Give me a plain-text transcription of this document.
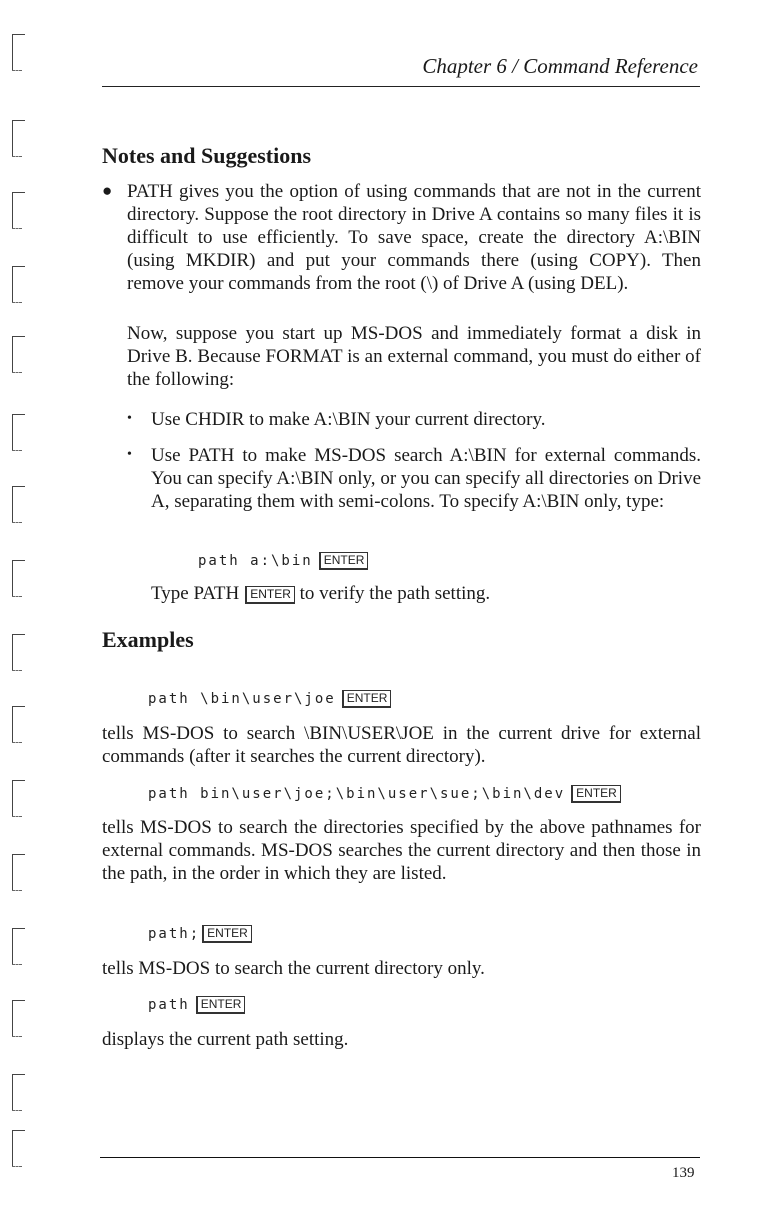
Chapter 6 / Command Reference
Notes and Suggestions
● PATH gives you the option of using commands that are not in the current directory. Suppose the root directory in Drive A contains so many files it is difficult to use efficiently. To save space, create the directory A:\BIN (using MKDIR) and put your commands there (using COPY). Then remove your commands from the root (\) of Drive A (using DEL).
Now, suppose you start up MS-DOS and immediately format a disk in Drive B. Because FORMAT is an external command, you must do either of the following:
• Use CHDIR to make A:\BIN your current directory.
• Use PATH to make MS-DOS search A:\BIN for external commands. You can specify A:\BIN only, or you can specify all directories on Drive A, separating them with semi-colons. To specify A:\BIN only, type:
path a:\bin ENTER
Type PATH ENTER to verify the path setting.
Examples
path \bin\user\joe ENTER
tells MS-DOS to search \BIN\USER\JOE in the current drive for external commands (after it searches the current directory).
path bin\user\joe;\bin\user\sue;\bin\dev ENTER
tells MS-DOS to search the directories specified by the above pathnames for external commands. MS-DOS searches the current directory and then those in the path, in the order in which they are listed.
path; ENTER
tells MS-DOS to search the current directory only.
path ENTER
displays the current path setting.
139
